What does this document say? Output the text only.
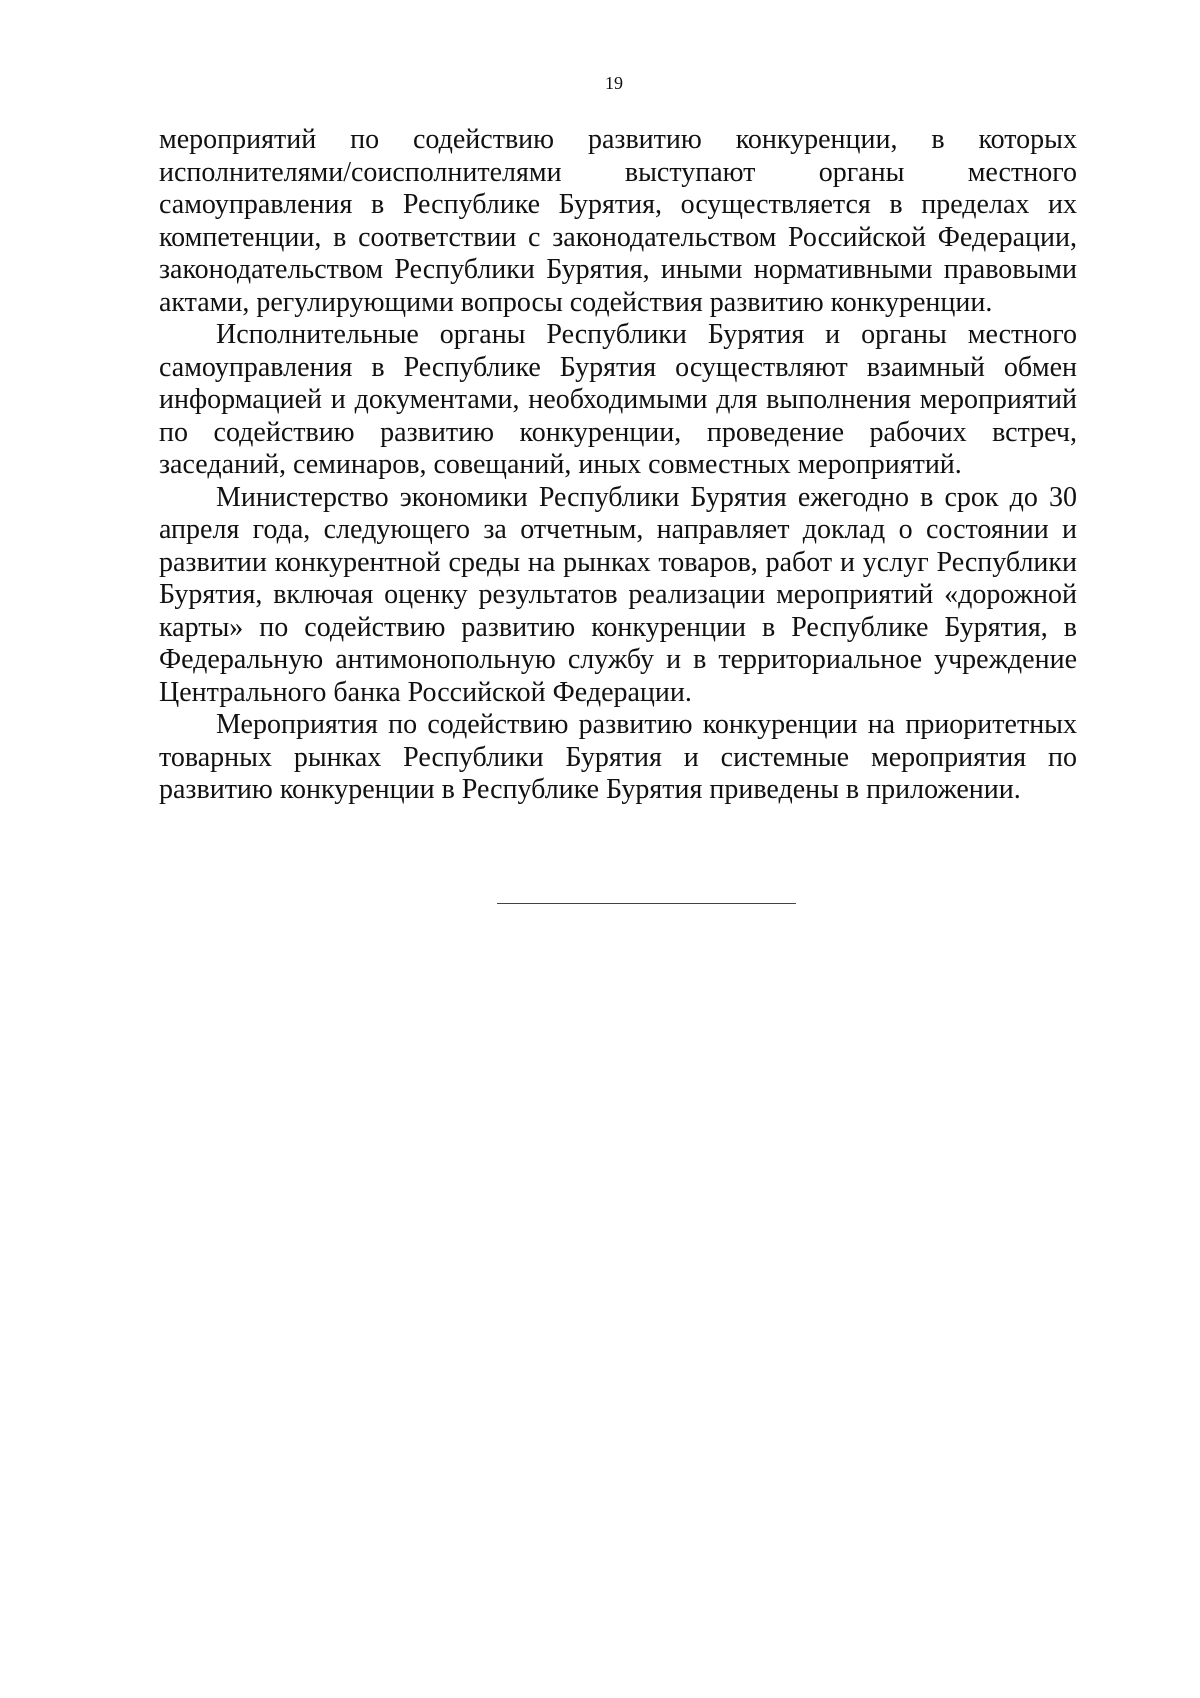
19

мероприятий по содействию развитию конкуренции, в которых исполнителями/соисполнителями выступают органы местного самоуправления в Республике Бурятия, осуществляется в пределах их компетенции, в соответствии с законодательством Российской Федерации, законодательством Республики Бурятия, иными нормативными правовыми актами, регулирующими вопросы содействия развитию конкуренции.

Исполнительные органы Республики Бурятия и органы местного самоуправления в Республике Бурятия осуществляют взаимный обмен информацией и документами, необходимыми для выполнения мероприятий по содействию развитию конкуренции, проведение рабочих встреч, заседаний, семинаров, совещаний, иных совместных мероприятий.

Министерство экономики Республики Бурятия ежегодно в срок до 30 апреля года, следующего за отчетным, направляет доклад о состоянии и развитии конкурентной среды на рынках товаров, работ и услуг Республики Бурятия, включая оценку результатов реализации мероприятий «дорожной карты» по содействию развитию конкуренции в Республике Бурятия, в Федеральную антимонопольную службу и в территориальное учреждение Центрального банка Российской Федерации.

Мероприятия по содействию развитию конкуренции на приоритетных товарных рынках Республики Бурятия и системные мероприятия по развитию конкуренции в Республике Бурятия приведены в приложении.
